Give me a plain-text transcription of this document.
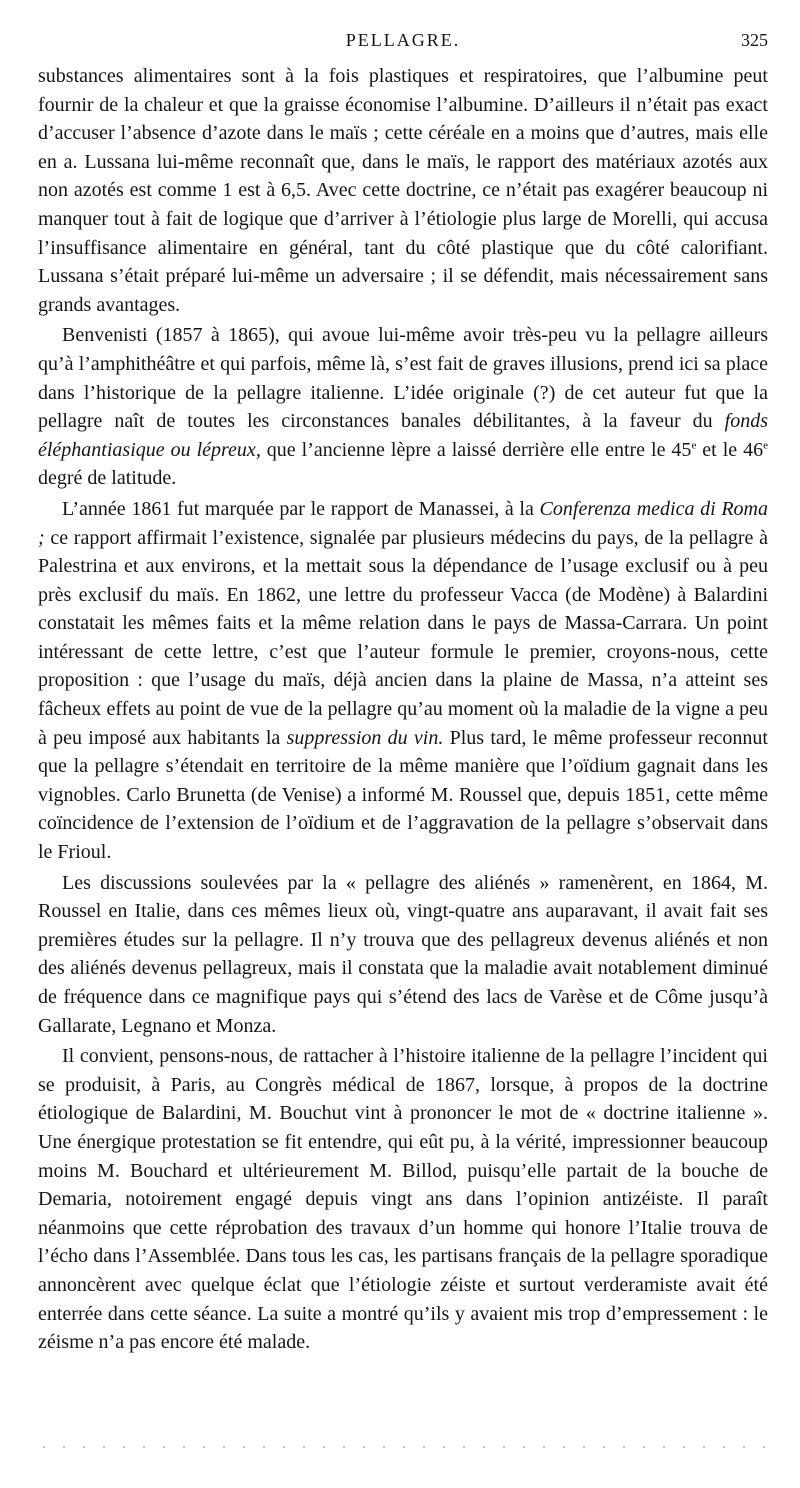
PELLAGRE.	325

substances alimentaires sont à la fois plastiques et respiratoires, que l’albumine peut fournir de la chaleur et que la graisse économise l’albumine. D’ailleurs il n’était pas exact d’accuser l’absence d’azote dans le maïs ; cette céréale en a moins que d’autres, mais elle en a. Lussana lui-même reconnaît que, dans le maïs, le rapport des matériaux azotés aux non azotés est comme 1 est à 6,5. Avec cette doctrine, ce n’était pas exagérer beaucoup ni manquer tout à fait de logique que d’arriver à l’étiologie plus large de Morelli, qui accusa l’insuffisance alimentaire en général, tant du côté plastique que du côté calorifiant. Lussana s’était préparé lui-même un adversaire ; il se défendit, mais nécessairement sans grands avantages.

Benvenisti (1857 à 1865), qui avoue lui-même avoir très-peu vu la pellagre ailleurs qu’à l’amphithéâtre et qui parfois, même là, s’est fait de graves illusions, prend ici sa place dans l’historique de la pellagre italienne. L’idée originale (?) de cet auteur fut que la pellagre naît de toutes les circonstances banales débilitantes, à la faveur du fonds éléphantiasique ou lépreux, que l’ancienne lèpre a laissé derrière elle entre le 45e et le 46e degré de latitude.

L’année 1861 fut marquée par le rapport de Manassei, à la Conferenza medica di Roma ; ce rapport affirmait l’existence, signalée par plusieurs médecins du pays, de la pellagre à Palestrina et aux environs, et la mettait sous la dépendance de l’usage exclusif ou à peu près exclusif du maïs. En 1862, une lettre du professeur Vacca (de Modène) à Balardini constatait les mêmes faits et la même relation dans le pays de Massa-Carrara. Un point intéressant de cette lettre, c’est que l’auteur formule le premier, croyons-nous, cette proposition : que l’usage du maïs, déjà ancien dans la plaine de Massa, n’a atteint ses fâcheux effets au point de vue de la pellagre qu’au moment où la maladie de la vigne a peu à peu imposé aux habitants la suppression du vin. Plus tard, le même professeur reconnut que la pellagre s’étendait en territoire de la même manière que l’oïdium gagnait dans les vignobles. Carlo Brunetta (de Venise) a informé M. Roussel que, depuis 1851, cette même coïncidence de l’extension de l’oïdium et de l’aggravation de la pellagre s’observait dans le Frioul.

Les discussions soulevées par la « pellagre des aliénés » ramenèrent, en 1864, M. Roussel en Italie, dans ces mêmes lieux où, vingt-quatre ans auparavant, il avait fait ses premières études sur la pellagre. Il n’y trouva que des pellagreux devenus aliénés et non des aliénés devenus pellagreux, mais il constata que la maladie avait notablement diminué de fréquence dans ce magnifique pays qui s’étend des lacs de Varèse et de Côme jusqu’à Gallarate, Legnano et Monza.

Il convient, pensons-nous, de rattacher à l’histoire italienne de la pellagre l’incident qui se produisit, à Paris, au Congrès médical de 1867, lorsque, à propos de la doctrine étiologique de Balardini, M. Bouchut vint à prononcer le mot de « doctrine italienne ». Une énergique protestation se fit entendre, qui eût pu, à la vérité, impressionner beaucoup moins M. Bouchard et ultérieurement M. Billod, puisqu’elle partait de la bouche de Demaria, notoirement engagé depuis vingt ans dans l’opinion antizéiste. Il paraît néanmoins que cette réprobation des travaux d’un homme qui honore l’Italie trouva de l’écho dans l’Assemblée. Dans tous les cas, les partisans français de la pellagre sporadique annoncèrent avec quelque éclat que l’étiologie zéiste et surtout verderamiste avait été enterrée dans cette séance. La suite a montré qu’ils y avaient mis trop d’empressement : le zéisme n’a pas encore été malade.
